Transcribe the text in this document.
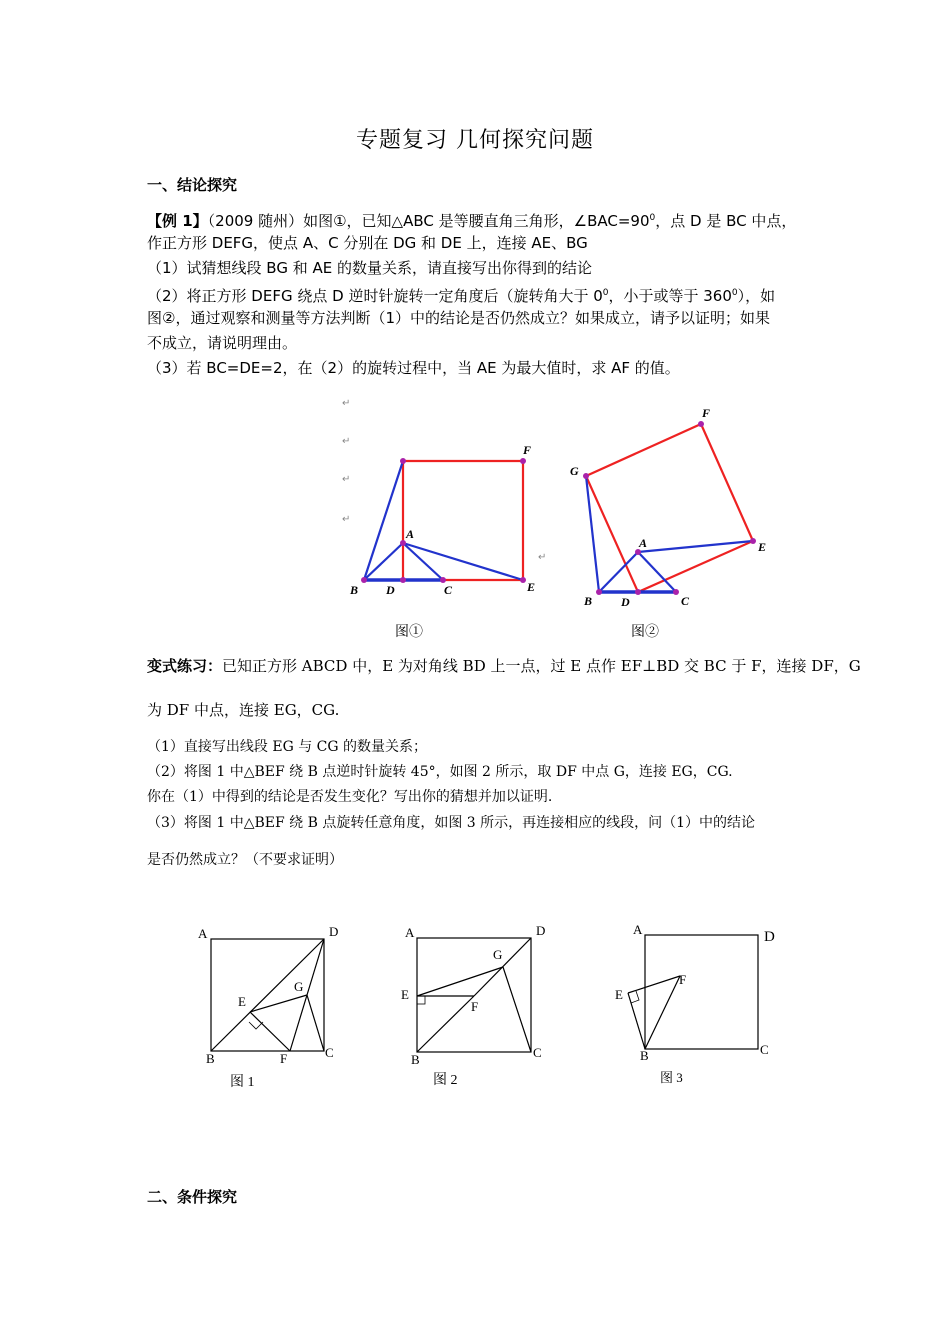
专题复习 几何探究问题
一、结论探究
【例 1】（2009 随州）如图①，已知△ABC 是等腰直角三角形，$\angle BAC=90^0$，点 D 是 BC 中点，
作正方形 DEFG，使点 A、C 分别在 DG 和 DE 上，连接 AE、BG
（1）试猜想线段 BG 和 AE 的数量关系，请直接写出你得到的结论
（2）将正方形 DEFG 绕点 D 逆时针旋转一定角度后（旋转角大于 $0^0$，小于或等于 $360^0$），如
图②，通过观察和测量等方法判断（1）中的结论是否仍然成立？如果成立，请予以证明；如果
不成立，请说明理由。
（3）若 BC=DE=2，在（2）的旋转过程中，当 AE 为最大值时，求 AF 的值。
↵
↵
↵
↵
↵
F
A
B D	C	E
图①
G
F
E
A
B D	C
图②
变式练习：已知正方形 ABCD 中，E 为对角线 BD 上一点，过 E 点作 EF⊥BD 交 BC 于 F，连接 DF，G
为 DF 中点，连接 EG，CG.
（1）直接写出线段 EG 与 CG 的数量关系；
（2）将图 1 中△BEF 绕 B 点逆时针旋转 45°，如图 2 所示，取 DF 中点 G，连接 EG，CG.
你在（1）中得到的结论是否发生变化？写出你的猜想并加以证明.
（3）将图 1 中△BEF 绕 B 点旋转任意角度，如图 3 所示，再连接相应的线段，问（1）中的结论
是否仍然成立？（不要求证明）
A	D
E
G
B	F	C
图 1
A	D
G
E
F
B	C
图 2
A	D
F
E
B	C
图 3
二、条件探究
